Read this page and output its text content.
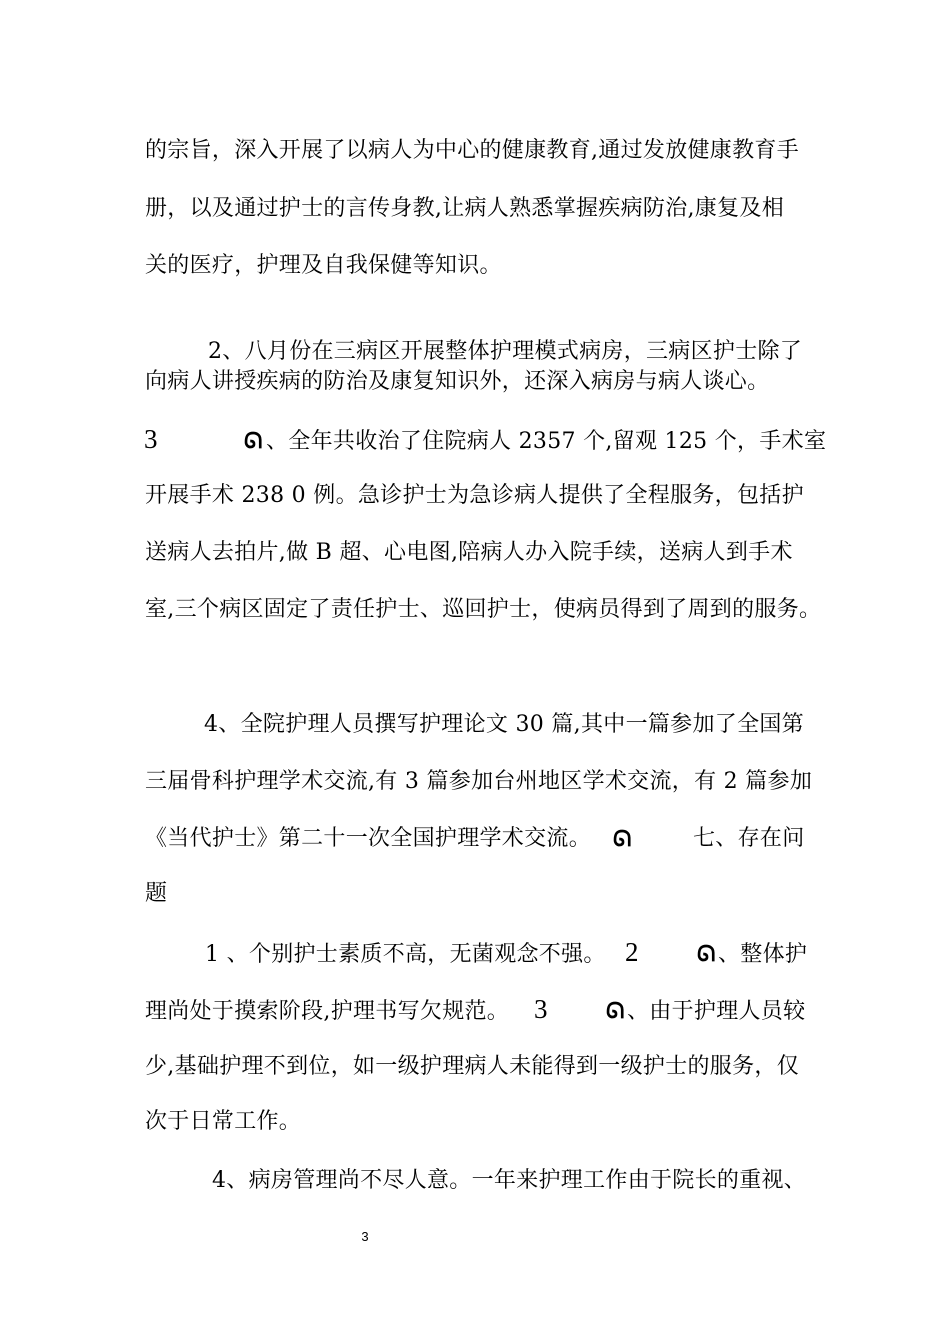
的宗旨，深入开展了以病人为中心的健康教育,通过发放健康教育手
册，以及通过护士的言传身教,让病人熟悉掌握疾病防治,康复及相
关的医疗，护理及自我保健等知识。
2、八月份在三病区开展整体护理模式病房，三病区护士除了
向病人讲授疾病的防治及康复知识外，还深入病房与病人谈心。
3	ᘏ 、全年共收治了住院病人 2357 个,留观 125 个，手术室
开展手术 238 0 例。急诊护士为急诊病人提供了全程服务，包括护
送病人去拍片,做 B 超、心电图,陪病人办入院手续，送病人到手术
室,三个病区固定了责任护士、巡回护士，使病员得到了周到的服务。
4、全院护理人员撰写护理论文 30 篇,其中一篇参加了全国第
三届骨科护理学术交流,有 3 篇参加台州地区学术交流，有 2 篇参加
《当代护士》第二十一次全国护理学术交流。 ᘏ	七、存在问
题
1 、个别护士素质不高，无菌观念不强。 2	ᘏ 、整体护
理尚处于摸索阶段,护理书写欠规范。 3	ᘏ 、由于护理人员较
少,基础护理不到位，如一级护理病人未能得到一级护士的服务，仅
次于日常工作。
4、病房管理尚不尽人意。一年来护理工作由于院长的重视、
3
